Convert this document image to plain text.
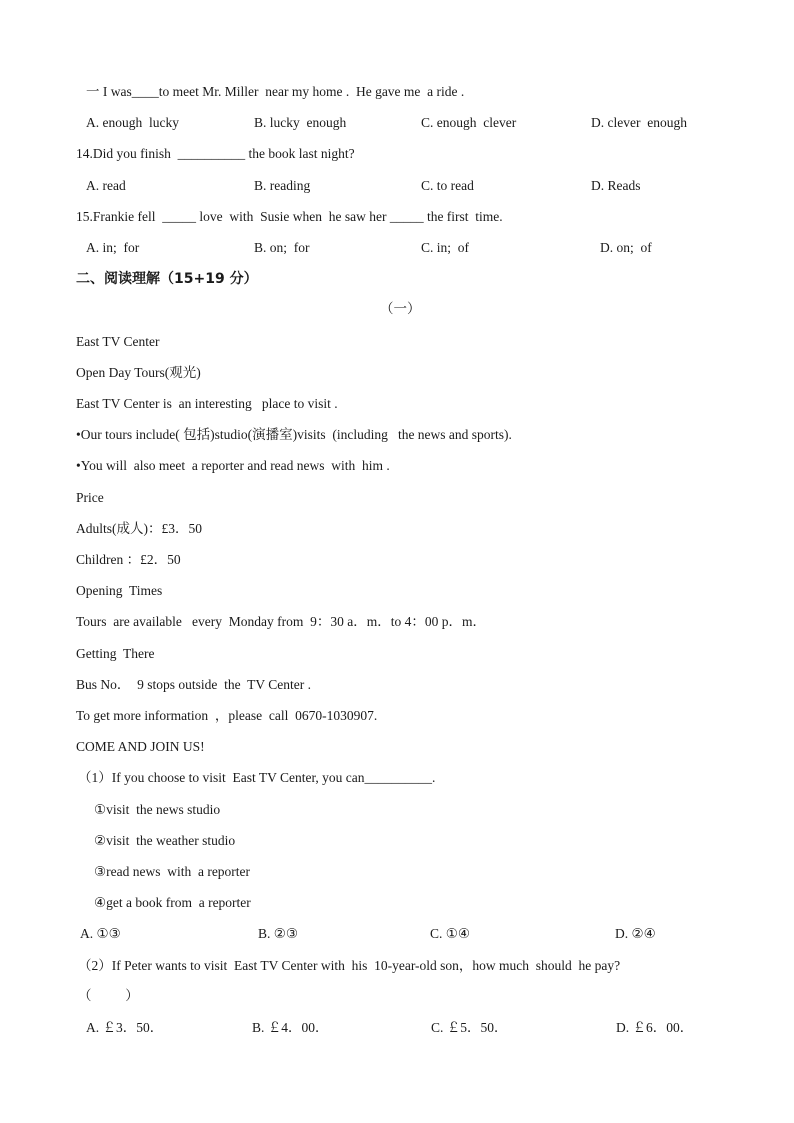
一 I was____to meet Mr. Miller  near my home .  He gave me  a ride .
A. enough  lucky	B. lucky  enough	C. enough  clever	D. clever  enough
14.Did you finish  __________ the book last night?
A. read	B. reading	C. to read	D. Reads
15.Frankie fell  _____ love  with  Susie when  he saw her _____ the first  time.
A. in;  for	B. on;  for	C. in;  of	D. on;  of
二、阅读理解（15+19 分）
（一）
East TV Center
Open Day Tours(观光)
East TV Center is  an interesting   place to visit .
•Our tours include( 包括)studio(演播室)visits  (including   the news and sports).
•You will  also meet  a reporter and read news  with  him .
Price
Adults(成人)：£3．50
Children ：£2．50
Opening  Times
Tours  are available   every  Monday from  9：30 a．m．to 4：00 p．m．
Getting  There
Bus No．  9 stops outside  the  TV Center .
To get more information  ，please  call  0670-1030907.
COME AND JOIN US!
（1）If you choose to visit  East TV Center, you can__________.
①visit  the news studio
②visit  the weather studio
③read news  with  a reporter
④get a book from  a reporter
A. ①③	B. ②③	C. ①④	D. ②④
（2）If Peter wants to visit  East TV Center with  his  10-year-old son，how much  should  he pay?
（          ）
A. ￡3．50．	B. ￡4．00．	C. ￡5．50．	D. ￡6．00．
